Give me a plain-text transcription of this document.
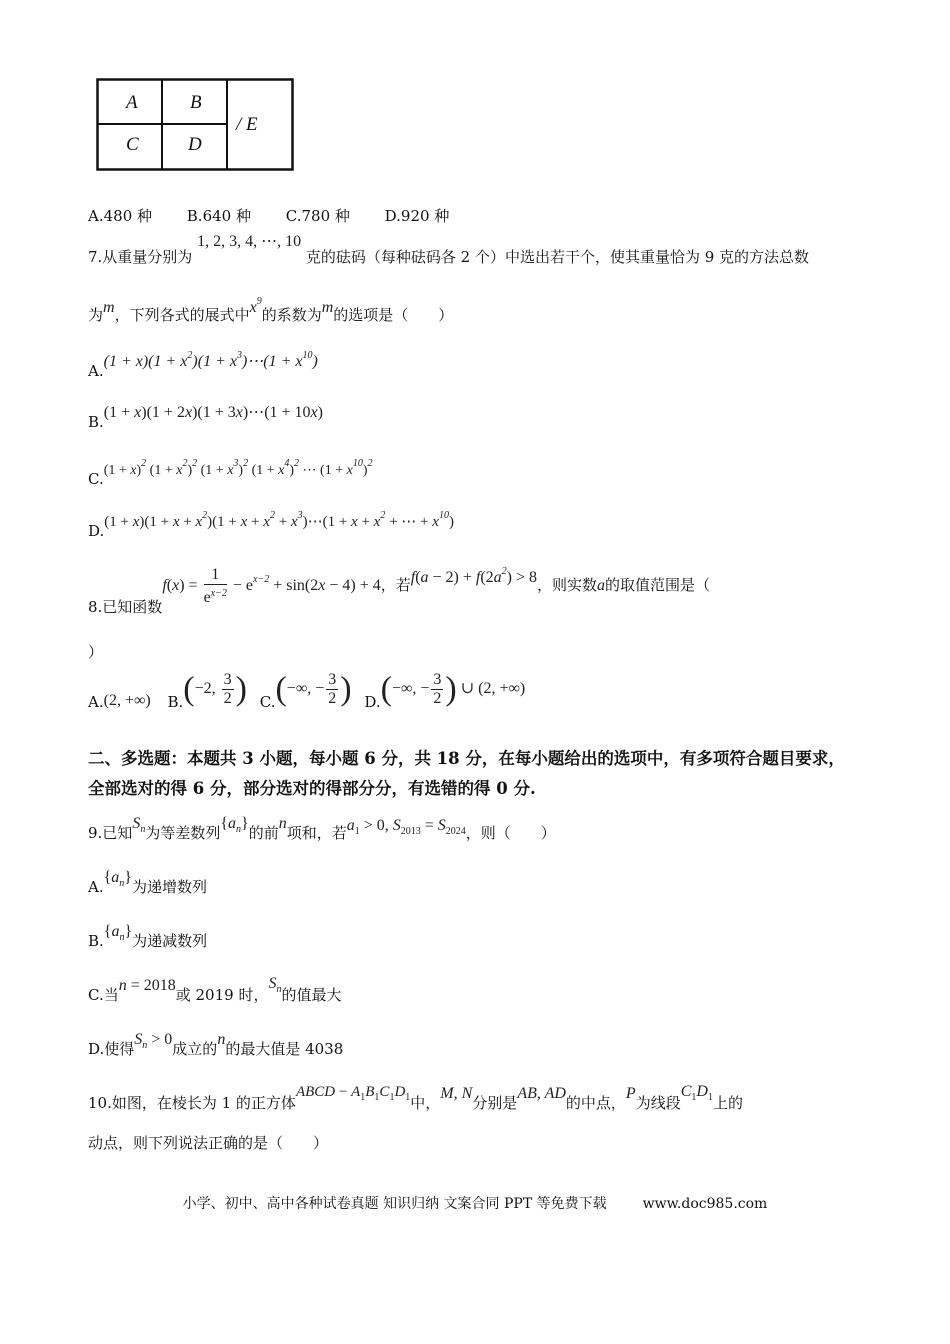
A	B
C	D
/ E
A.480 种 B.640 种 C.780 种 D.920 种
7.从重量分别为 1, 2, 3, 4, ⋯, 10 克的砝码（每种砝码各 2 个）中选出若干个，使其重量恰为 9 克的方法总数
为m，下列各式的展式中$x^9$的系数为m的选项是（　　）
$A.(1 + x)(1 + x^2)(1$ + $x^3)\cdots(1 + x^{10})$
B.(1 + x)(1 + 2x)(1 + 3x)⋯(1 + 10x)
$C.(1 + x)^2$ $(1 + x^2)^2$ $(1 + x^3)^2$ $(1 + x^4)^2$ ⋯ $(1 + x^{10})^2$
$D.(1 + x)(1 + x + x^2)(1 + x + x^2$ + $x^3)\cdots(1 + x + x^2$ + ⋯ + $x^{10}$)
8.已知函数$f(x) = \frac{1}{e^{x-2}} - e^{x-2} + \sin(2x - 4) + 4$，若$f(a - 2) + f(2a^2) > 8$，则实数a的取值范围是（
）
A.(2, +∞) B.(−2, $\frac{3}{2}$ ) C.(−∞, − $\frac{3}{2}$ ) D.(−∞, − $\frac{3}{2}$ ) ∪ (2, +∞)
二、多选题：本题共 3 小题，每小题 6 分，共 18 分，在每小题给出的选项中，有多项符合题目要求，全部选对的得 6 分，部分选对的得部分分，有选错的得 0 分.
9.已知$S_n$为等差数列$\{a_n\}$的前n项和，若$a_1 > 0$, $S_{2013} = S_{2024}$，则（　　）
$A.\{a_n\}$为递增数列
$B.\{a_n\}$为递减数列
C.当n = 2018或 2019 时，$S_n$的值最大
D.使得$S_n > 0$成立的n的最大值是 4038
10.如图，在棱长为 1 的正方体ABCD − $A_1B_1C_1D_1$中，M, N分别是AB, AD的中点，P为线段$C_1D_1$上的
动点，则下列说法正确的是（　　）
小学、初中、高中各种试卷真题 知识归纳 文案合同 PPT 等免费下载	www.doc985.com
